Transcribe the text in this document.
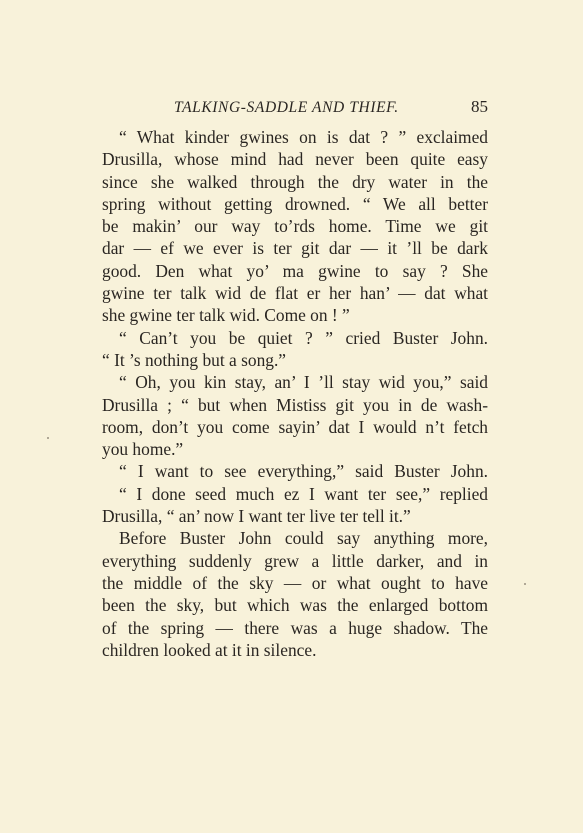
TALKING-SADDLE AND THIEF.	85
“ What kinder gwines on is dat ? ” exclaimed
Drusilla, whose mind had never been quite easy
since she walked through the dry water in the
spring without getting drowned. “ We all better
be makin’ our way to’rds home. Time we git
dar — ef we ever is ter git dar — it ’ll be dark
good. Den what yo’ ma gwine to say ? She
gwine ter talk wid de flat er her han’ — dat what
she gwine ter talk wid. Come on ! ”
“ Can’t you be quiet ? ” cried Buster John.
“ It ’s nothing but a song.”
“ Oh, you kin stay, an’ I ’ll stay wid you,” said
Drusilla ; “ but when Mistiss git you in de wash-
room, don’t you come sayin’ dat I would n’t fetch
you home.”
“ I want to see everything,” said Buster John.
“ I done seed much ez I want ter see,” replied
Drusilla, “ an’ now I want ter live ter tell it.”
Before Buster John could say anything more,
everything suddenly grew a little darker, and in
the middle of the sky — or what ought to have
been the sky, but which was the enlarged bottom
of the spring — there was a huge shadow. The
children looked at it in silence.
